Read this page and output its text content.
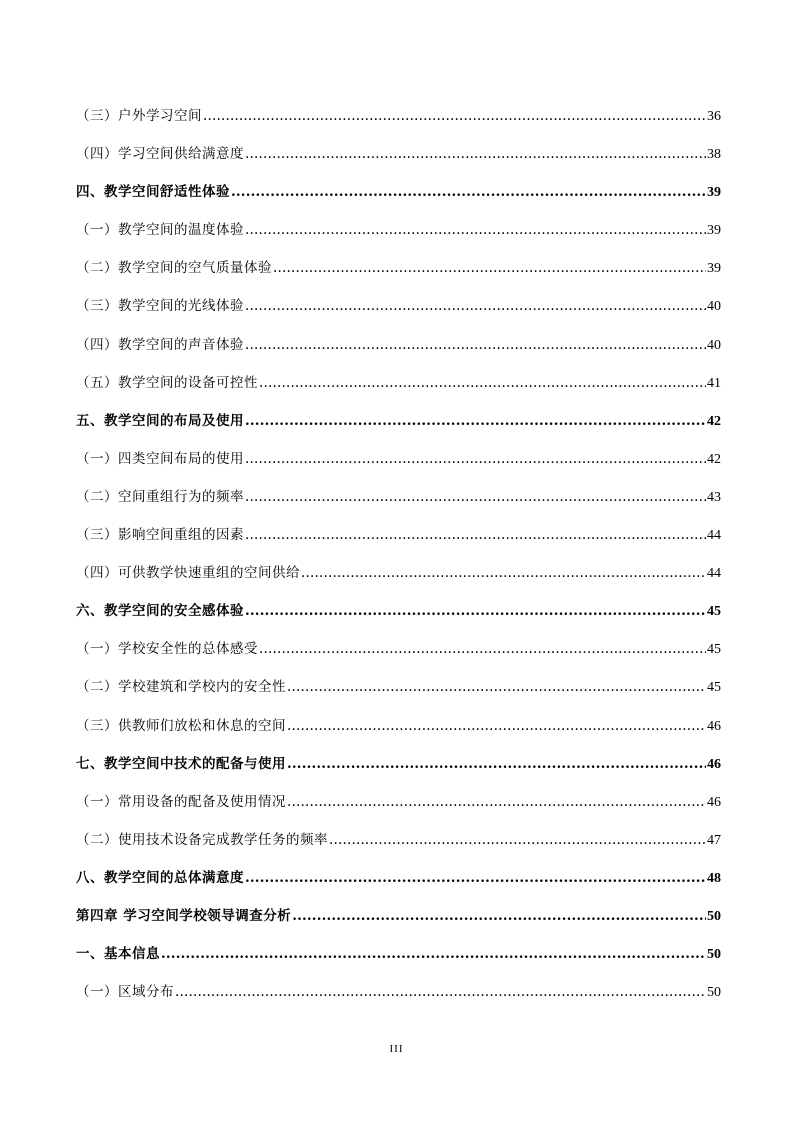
（三）户外学习空间 .....	36
（四）学习空间供给满意度 .....	38
四、教学空间舒适性体验 .....	39
（一）教学空间的温度体验 .....	39
（二）教学空间的空气质量体验 .....	39
（三）教学空间的光线体验 .....	40
（四）教学空间的声音体验 .....	40
（五）教学空间的设备可控性 .....	41
五、教学空间的布局及使用 .....	42
（一）四类空间布局的使用 .....	42
（二）空间重组行为的频率 .....	43
（三）影响空间重组的因素 .....	44
（四）可供教学快速重组的空间供给 .....	44
六、教学空间的安全感体验 .....	45
（一）学校安全性的总体感受 .....	45
（二）学校建筑和学校内的安全性 .....	45
（三）供教师们放松和休息的空间 .....	46
七、教学空间中技术的配备与使用 .....	46
（一）常用设备的配备及使用情况 .....	46
（二）使用技术设备完成教学任务的频率 .....	47
八、教学空间的总体满意度 .....	48
第四章 学习空间学校领导调查分析 .....	50
一、基本信息 .....	50
（一）区域分布 .....	50
III
